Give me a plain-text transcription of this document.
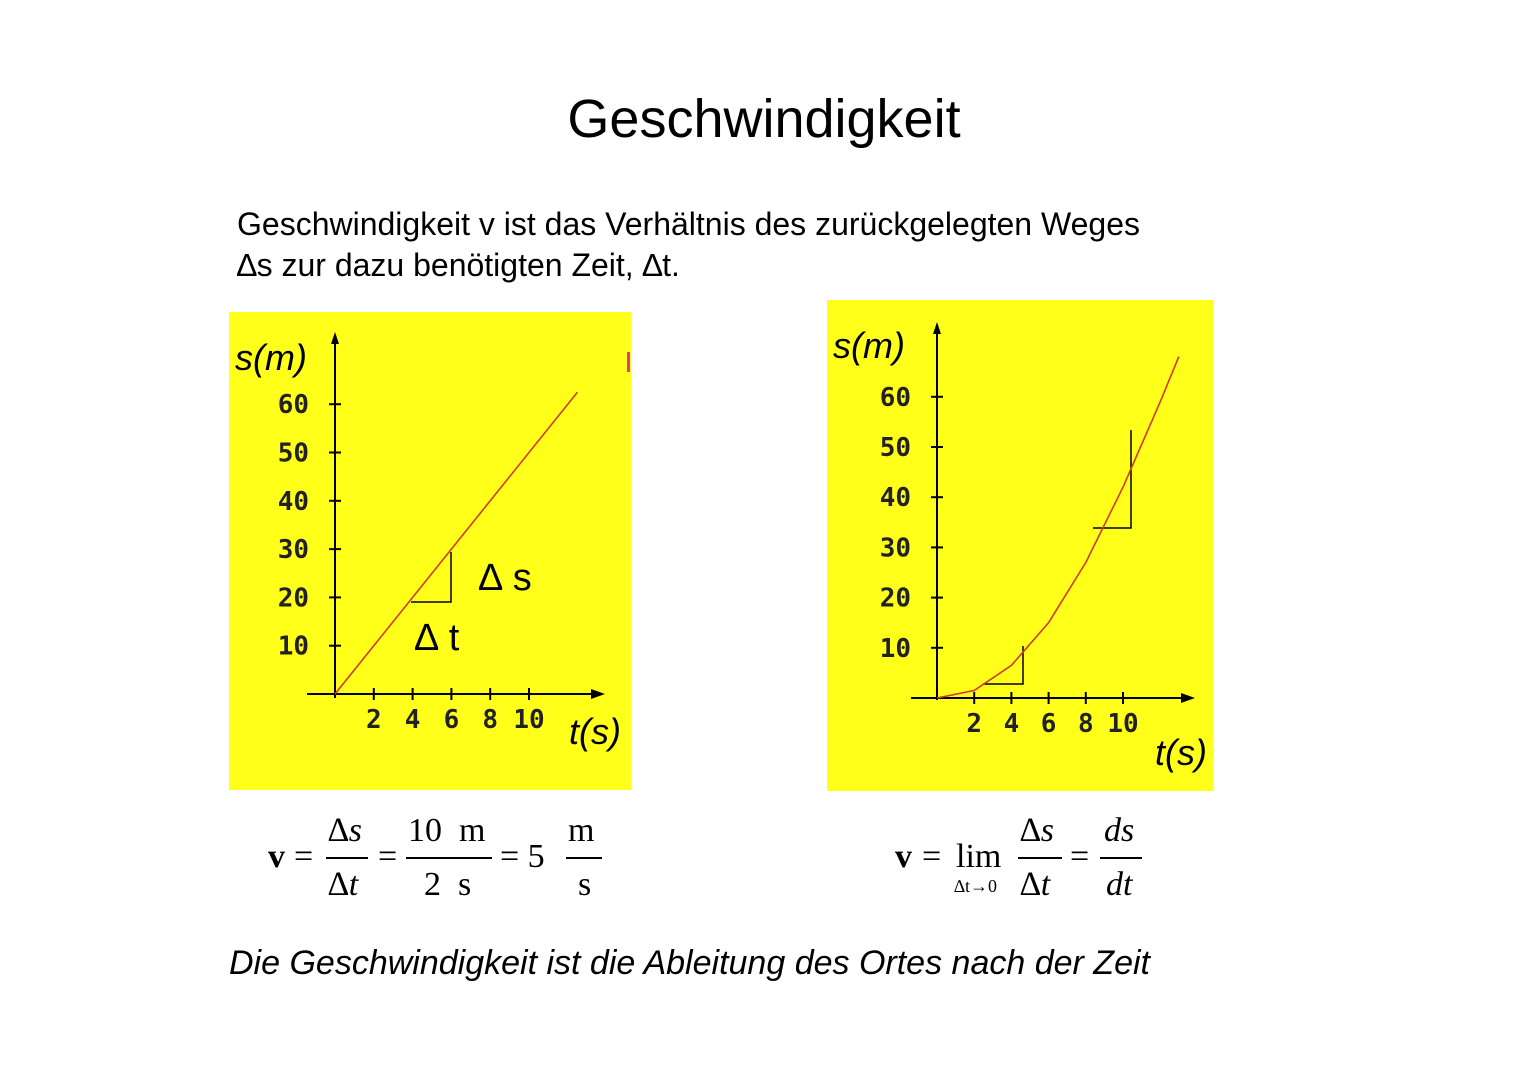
Geschwindigkeit
Geschwindigkeit v ist das Verhältnis des zurückgelegten Weges
∆s zur dazu benötigten Zeit, ∆t.
60
50
40
30
20
10
2 4 6 8 10
s(m)
t(s)
∆ s
∆ t
60
50
40
30
20
10
2 4 6 8 10
s(m)
t(s)
v =
∆s
∆t
=
10  m
2  s
= 5
m
s
v = lim
∆t→0
∆s
∆t
=
ds
dt
Die Geschwindigkeit ist die Ableitung des Ortes nach der Zeit
